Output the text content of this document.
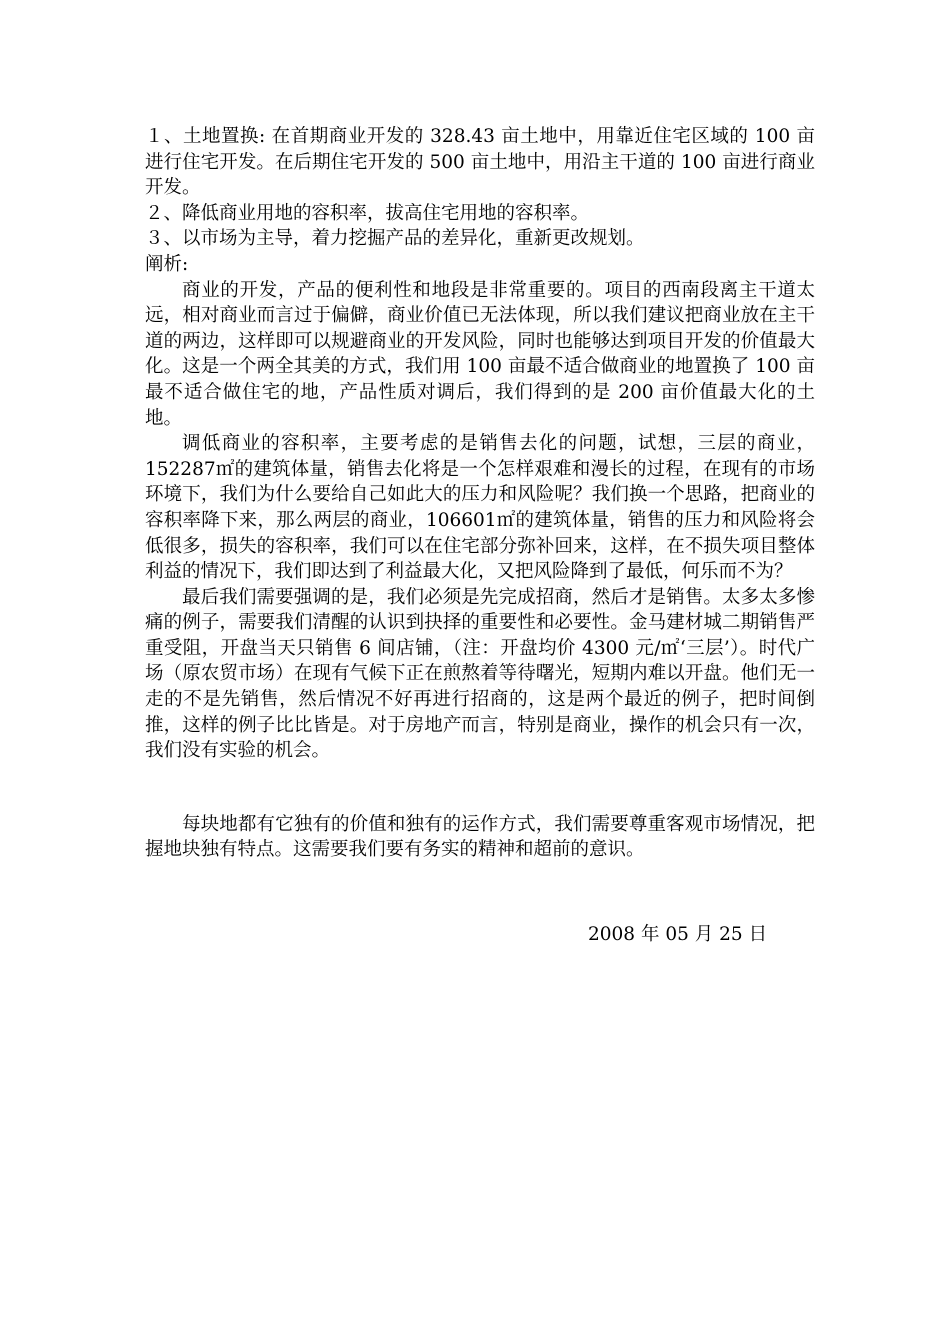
１、土地置换: 在首期商业开发的 328.43 亩土地中，用靠近住宅区域的 100 亩进行住宅开发。在后期住宅开发的 500 亩土地中，用沿主干道的 100 亩进行商业开发。

２、降低商业用地的容积率，拔高住宅用地的容积率。

３、以市场为主导，着力挖掘产品的差异化，重新更改规划。

阐析:

商业的开发，产品的便利性和地段是非常重要的。项目的西南段离主干道太远，相对商业而言过于偏僻，商业价值已无法体现，所以我们建议把商业放在主干道的两边，这样即可以规避商业的开发风险，同时也能够达到项目开发的价值最大化。这是一个两全其美的方式，我们用 100 亩最不适合做商业的地置换了 100 亩最不适合做住宅的地，产品性质对调后，我们得到的是 200 亩价值最大化的土地。

调低商业的容积率，主要考虑的是销售去化的问题，试想，三层的商业，152287㎡的建筑体量，销售去化将是一个怎样艰难和漫长的过程，在现有的市场环境下，我们为什么要给自己如此大的压力和风险呢？我们换一个思路，把商业的容积率降下来，那么两层的商业，106601㎡的建筑体量，销售的压力和风险将会低很多，损失的容积率，我们可以在住宅部分弥补回来，这样，在不损失项目整体利益的情况下，我们即达到了利益最大化，又把风险降到了最低，何乐而不为？

最后我们需要强调的是，我们必须是先完成招商，然后才是销售。太多太多惨痛的例子，需要我们清醒的认识到抉择的重要性和必要性。金马建材城二期销售严重受阻，开盘当天只销售 6 间店铺，（注：开盘均价 4300 元/㎡‘三层’）。时代广场（原农贸市场）在现有气候下正在煎熬着等待曙光，短期内难以开盘。他们无一走的不是先销售，然后情况不好再进行招商的，这是两个最近的例子，把时间倒推，这样的例子比比皆是。对于房地产而言，特别是商业，操作的机会只有一次，我们没有实验的机会。

每块地都有它独有的价值和独有的运作方式，我们需要尊重客观市场情况，把握地块独有特点。这需要我们要有务实的精神和超前的意识。

2008 年 05 月 25 日
